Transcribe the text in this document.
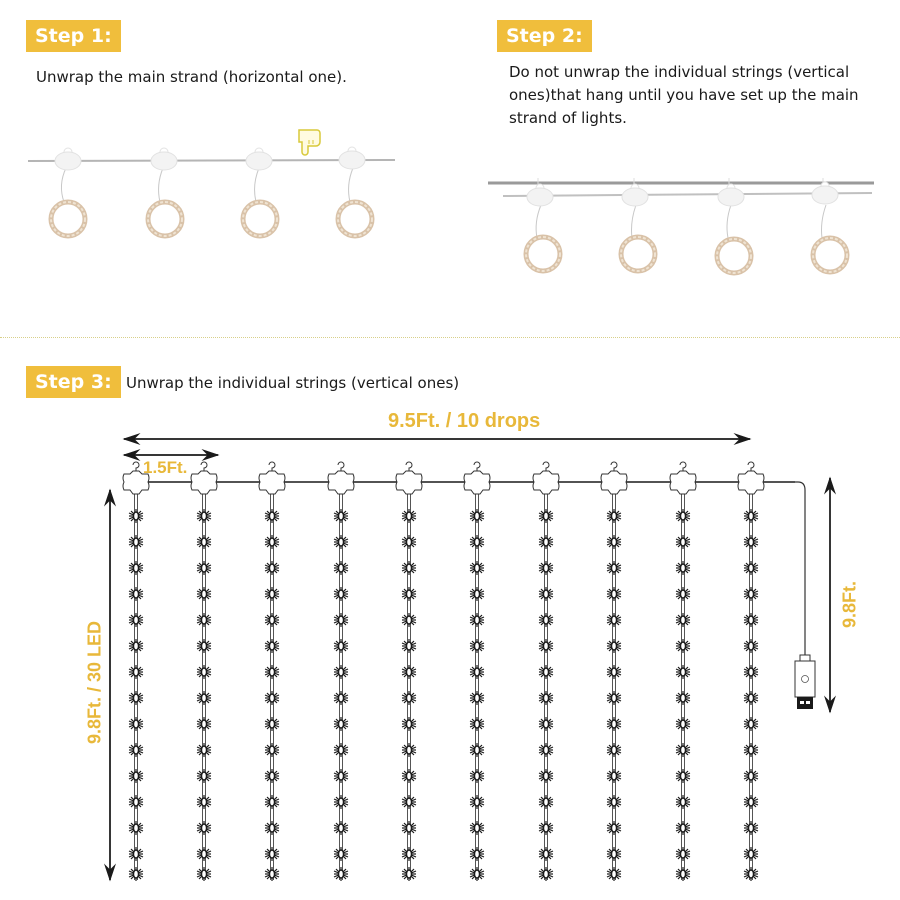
Step 1:
Unwrap the main strand (horizontal one).
Step 2:
Do not unwrap the individual strings (vertical ones)that hang until you have set up the main strand of lights.
Step 3: Unwrap the individual strings (vertical ones)
9.5Ft. / 10 drops
1.5Ft.
9.8Ft. / 30 LED
9.8Ft.
